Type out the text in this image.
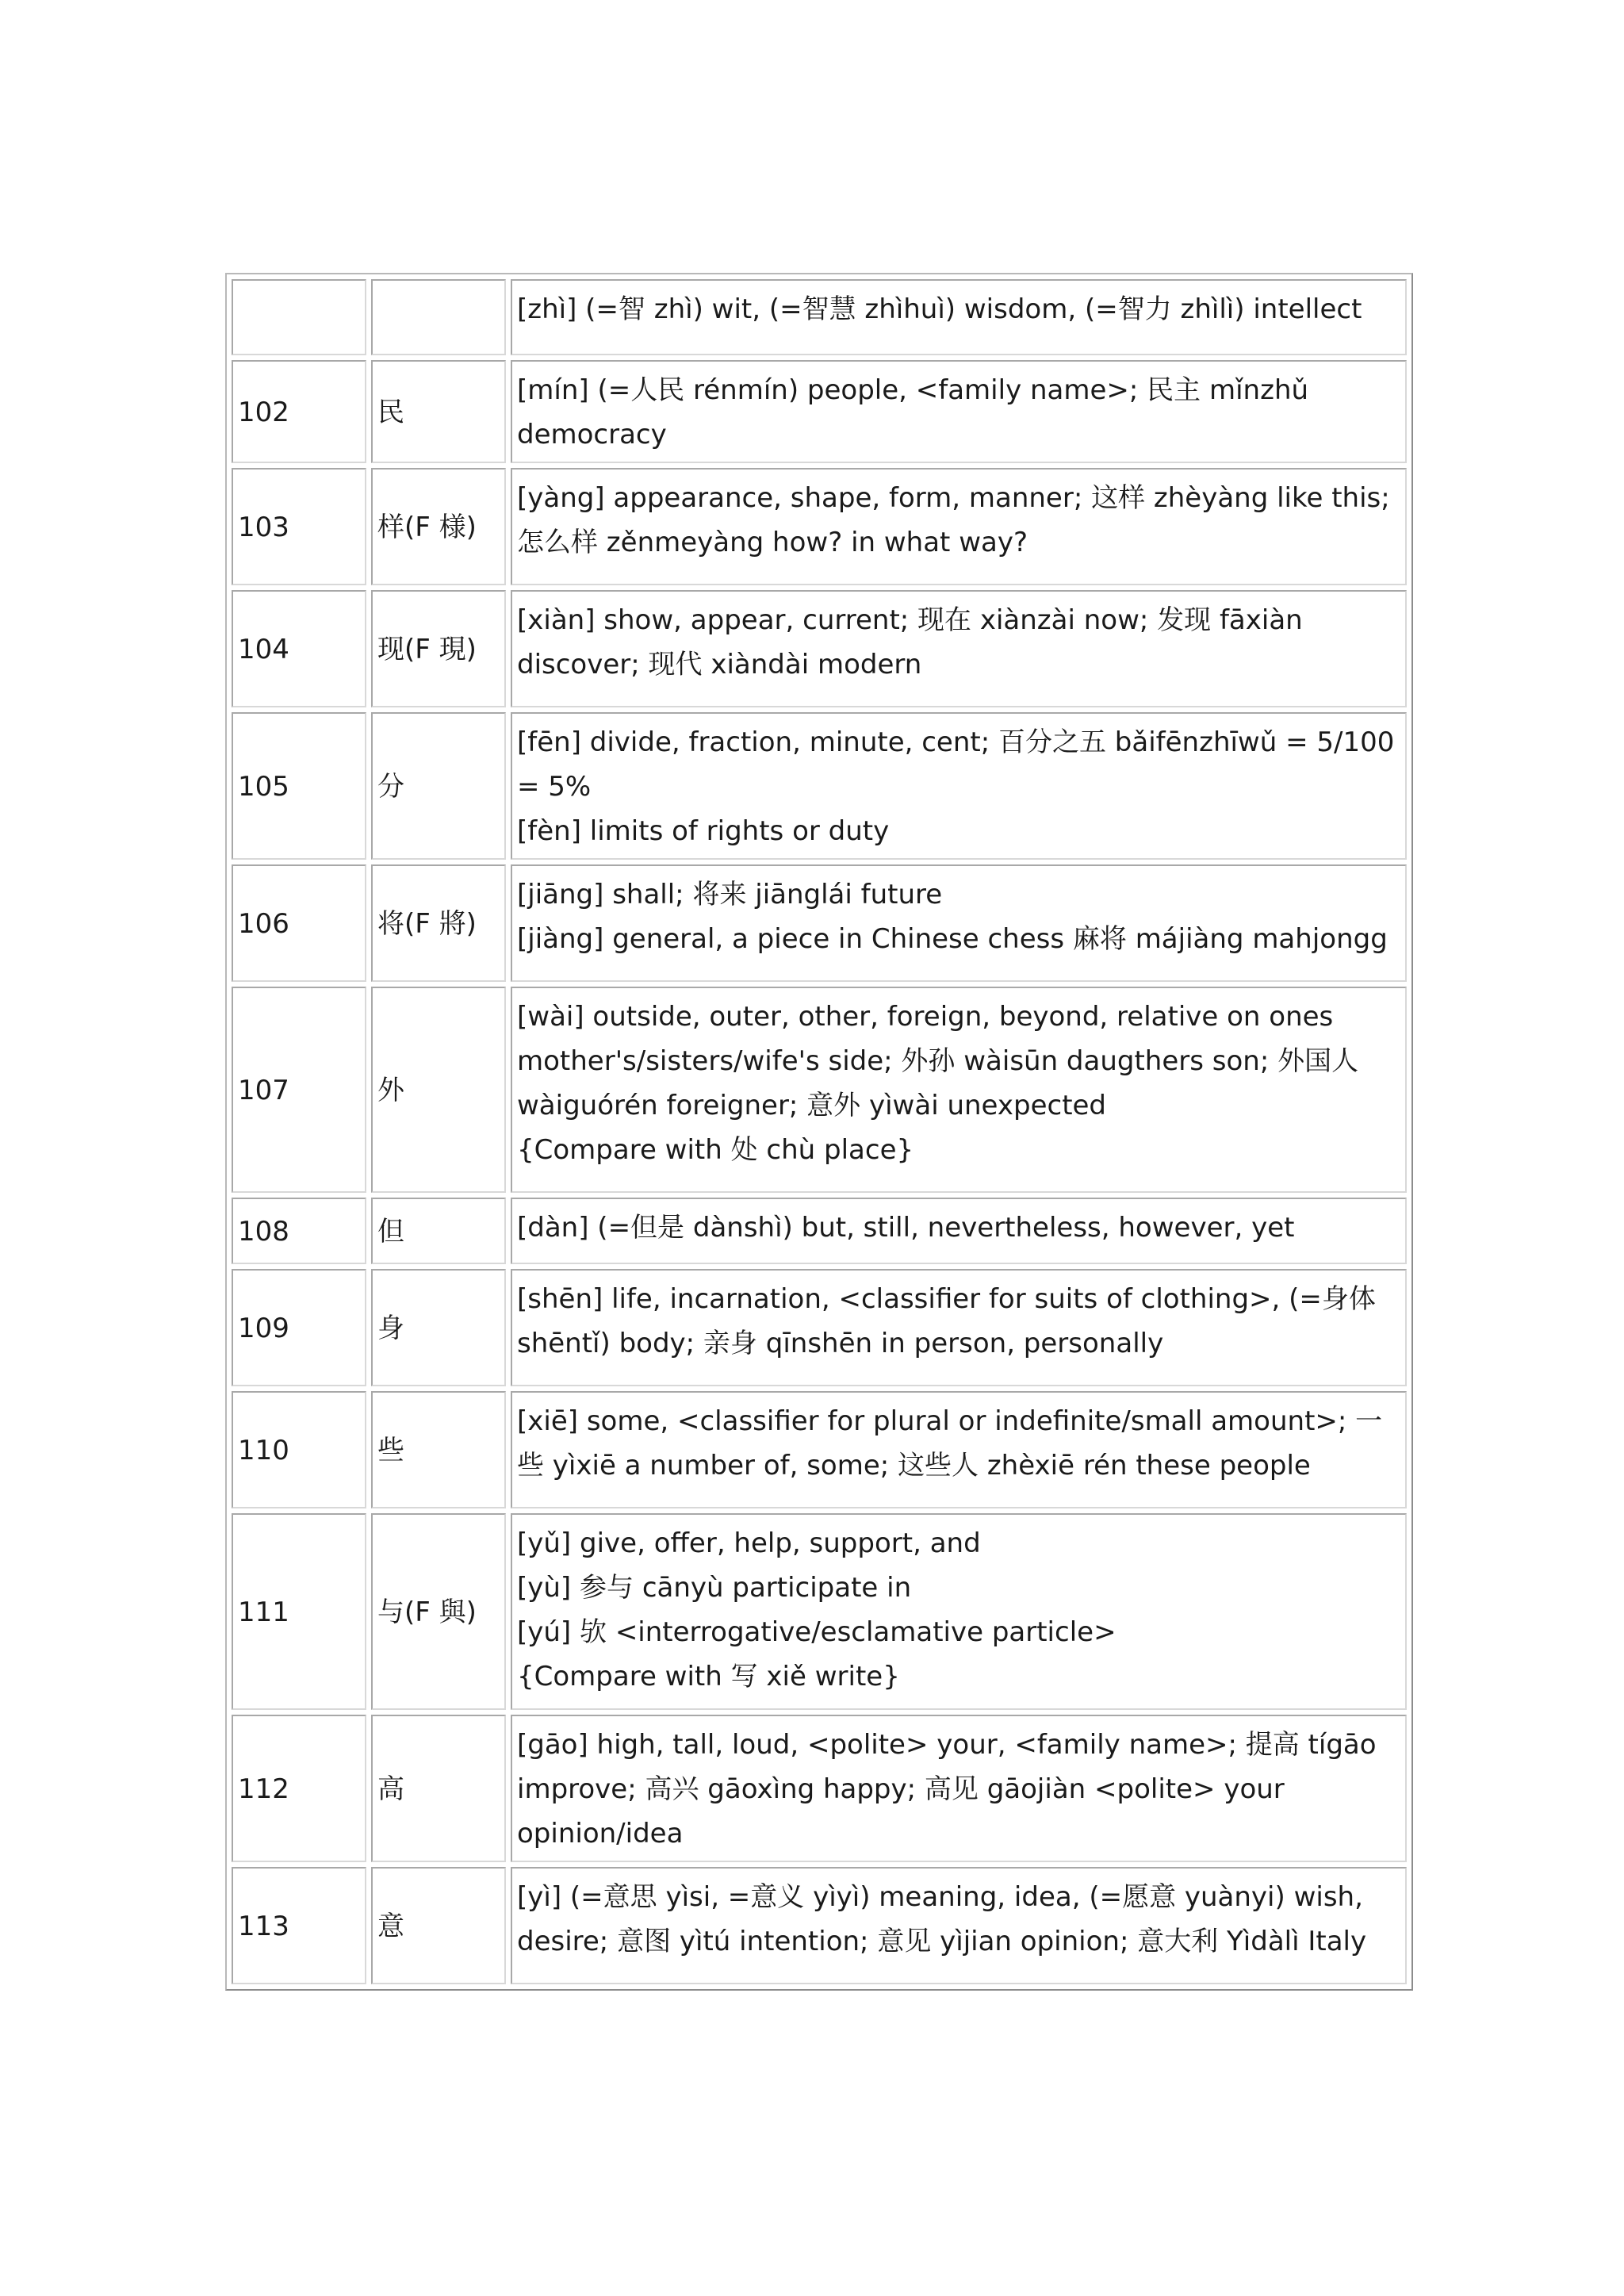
		[zhì] (=智 zhì) wit, (=智慧 zhìhuì) wisdom, (=智力 zhìlì) intellect

102	民	[mín] (=人民 rénmín) people, <family name>; 民主 mǐnzhǔ democracy

103	样(F 様)	[yàng] appearance, shape, form, manner; 这样 zhèyàng like this; 怎么样 zěnmeyàng how? in what way?

104	现(F 現)	[xiàn] show, appear, current; 现在 xiànzài now; 发现 fāxiàn discover; 现代 xiàndài modern

105	分	[fēn] divide, fraction, minute, cent; 百分之五 bǎifēnzhīwǔ = 5/100 = 5%
[fèn] limits of rights or duty

106	将(F 將)	[jiāng] shall; 将来 jiānglái future
[jiàng] general, a piece in Chinese chess 麻将 májiàng mahjongg

107	外	[wài] outside, outer, other, foreign, beyond, relative on ones mother's/sisters/wife's side; 外孙 wàisūn daugthers son; 外国人 wàiguórén foreigner; 意外 yìwài unexpected
{Compare with 处 chù place}

108	但	[dàn] (=但是 dànshì) but, still, nevertheless, however, yet

109	身	[shēn] life, incarnation, <classifier for suits of clothing>, (=身体 shēntǐ) body; 亲身 qīnshēn in person, personally

110	些	[xiē] some, <classifier for plural or indefinite/small amount>; 一些 yìxiē a number of, some; 这些人 zhèxiē rén these people

111	与(F 與)	[yǔ] give, offer, help, support, and
[yù] 参与 cānyù participate in
[yú] 欤 <interrogative/esclamative particle>
{Compare with 写 xiě write}

112	高	[gāo] high, tall, loud, <polite> your, <family name>; 提高 tígāo improve; 高兴 gāoxìng happy; 高见 gāojiàn <polite> your opinion/idea

113	意	[yì] (=意思 yìsi, =意义 yìyì) meaning, idea, (=愿意 yuànyi) wish, desire; 意图 yìtú intention; 意见 yìjian opinion; 意大利 Yìdàlì Italy
